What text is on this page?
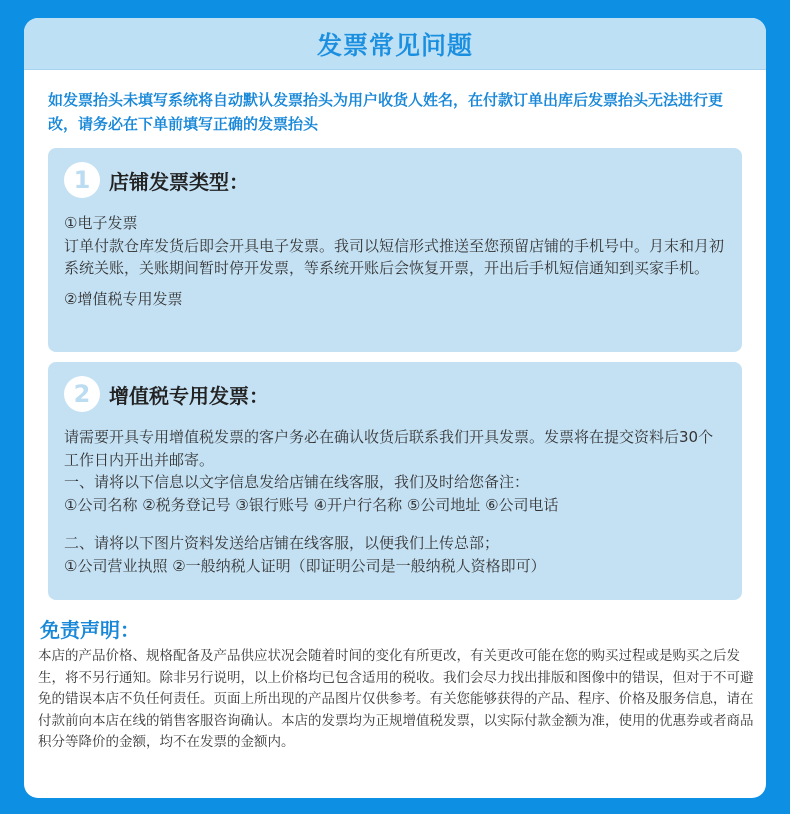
发票常见问题
如发票抬头未填写系统将自动默认发票抬头为用户收货人姓名，在付款订单出库后发票抬头无法进行更改，请务必在下单前填写正确的发票抬头
1 店铺发票类型：

①电子发票

订单付款仓库发货后即会开具电子发票。我司以短信形式推送至您预留店铺的手机号中。月末和月初系统关账，关账期间暂时停开发票，等系统开账后会恢复开票，开出后手机短信通知到买家手机。

②增值税专用发票

2 增值税专用发票：

请需要开具专用增值税发票的客户务必在确认收货后联系我们开具发票。发票将在提交资料后30个工作日内开出并邮寄。

一、请将以下信息以文字信息发给店铺在线客服，我们及时给您备注：

①公司名称 ②税务登记号 ③银行账号 ④开户行名称 ⑤公司地址 ⑥公司电话

二、请将以下图片资料发送给店铺在线客服，以便我们上传总部；

①公司营业执照 ②一般纳税人证明（即证明公司是一般纳税人资格即可）

免责声明：
本店的产品价格、规格配备及产品供应状况会随着时间的变化有所更改，有关更改可能在您的购买过程或是购买之后发生，将不另行通知。除非另行说明，以上价格均已包含适用的税收。我们会尽力找出排版和图像中的错误，但对于不可避免的错误本店不负任何责任。页面上所出现的产品图片仅供参考。有关您能够获得的产品、程序、价格及服务信息，请在付款前向本店在线的销售客服咨询确认。本店的发票均为正规增值税发票，以实际付款金额为准，使用的优惠券或者商品积分等降价的金额，均不在发票的金额内。
